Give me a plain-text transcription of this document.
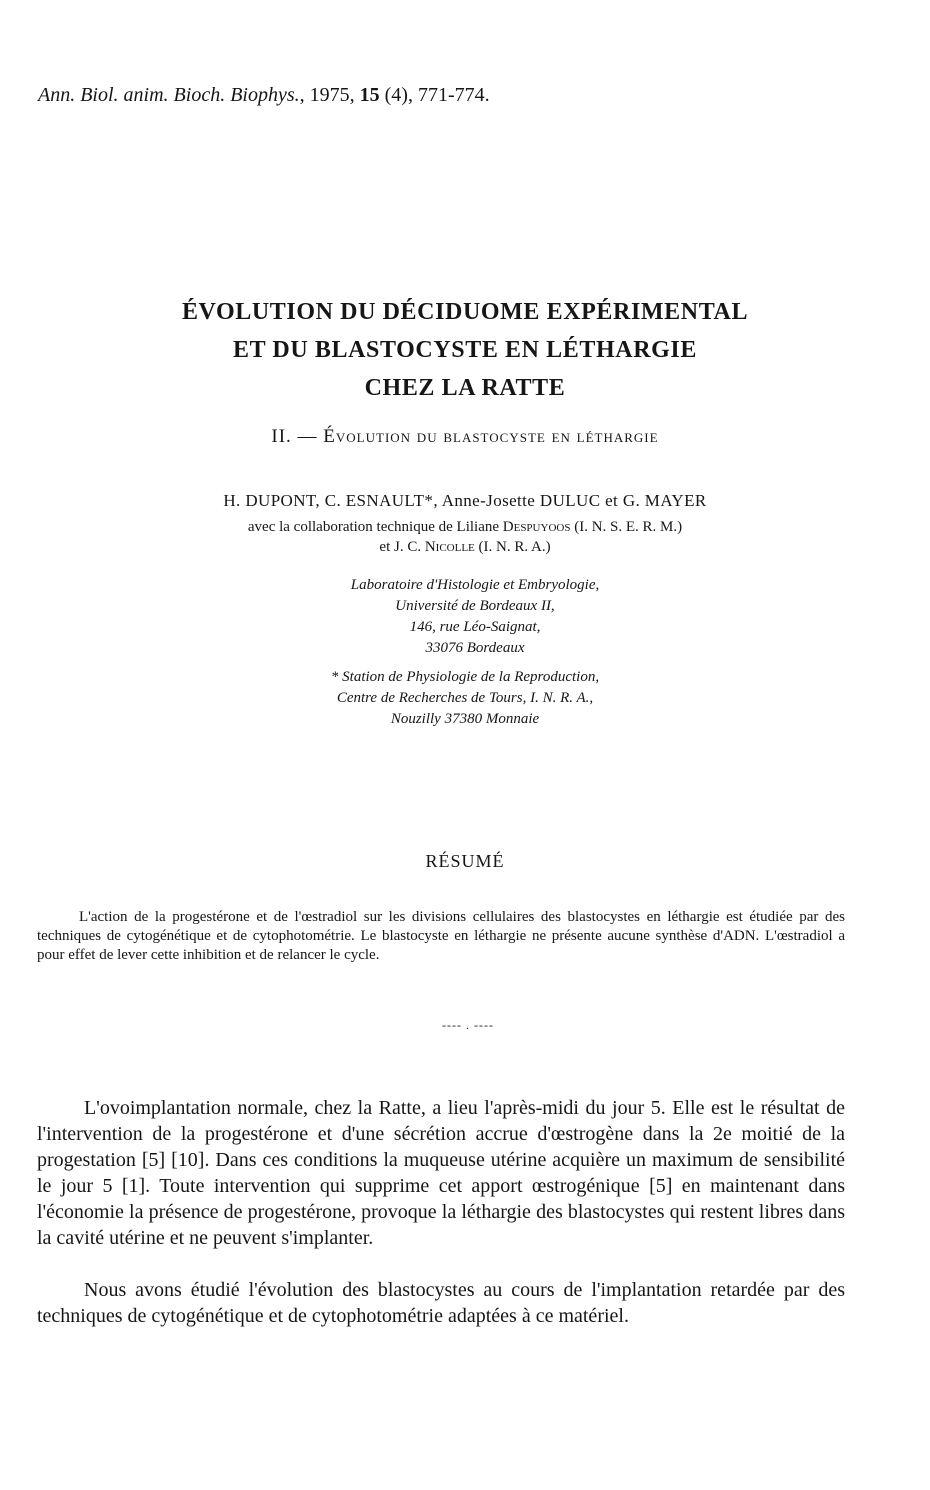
Ann. Biol. anim. Bioch. Biophys., 1975, 15 (4), 771-774.
ÉVOLUTION DU DÉCIDUOME EXPÉRIMENTAL
ET DU BLASTOCYSTE EN LÉTHARGIE
CHEZ LA RATTE
II. — Évolution du blastocyste en léthargie
H. DUPONT, C. ESNAULT*, Anne-Josette DULUC et G. MAYER
avec la collaboration technique de Liliane Despuyoos (I. N. S. E. R. M.)
et J. C. Nicolle (I. N. R. A.)
Laboratoire d'Histologie et Embryologie,
Université de Bordeaux II,
146, rue Léo-Saignat,
33076 Bordeaux
* Station de Physiologie de la Reproduction,
Centre de Recherches de Tours, I. N. R. A.,
Nouzilly 37380 Monnaie
RÉSUMÉ

L'action de la progestérone et de l'œstradiol sur les divisions cellulaires des blastocystes en léthargie est étudiée par des techniques de cytogénétique et de cytophotométrie. Le blastocyste en léthargie ne présente aucune synthèse d'ADN. L'œstradiol a pour effet de lever cette inhibition et de relancer le cycle.

---- . ----

L'ovoimplantation normale, chez la Ratte, a lieu l'après-midi du jour 5. Elle est le résultat de l'intervention de la progestérone et d'une sécrétion accrue d'œstrogène dans la 2e moitié de la progestation [5] [10]. Dans ces conditions la muqueuse utérine acquière un maximum de sensibilité le jour 5 [1]. Toute intervention qui supprime cet apport œstrogénique [5] en maintenant dans l'économie la présence de progestérone, provoque la léthargie des blastocystes qui restent libres dans la cavité utérine et ne peuvent s'implanter.

Nous avons étudié l'évolution des blastocystes au cours de l'implantation retardée par des techniques de cytogénétique et de cytophotométrie adaptées à ce matériel.
